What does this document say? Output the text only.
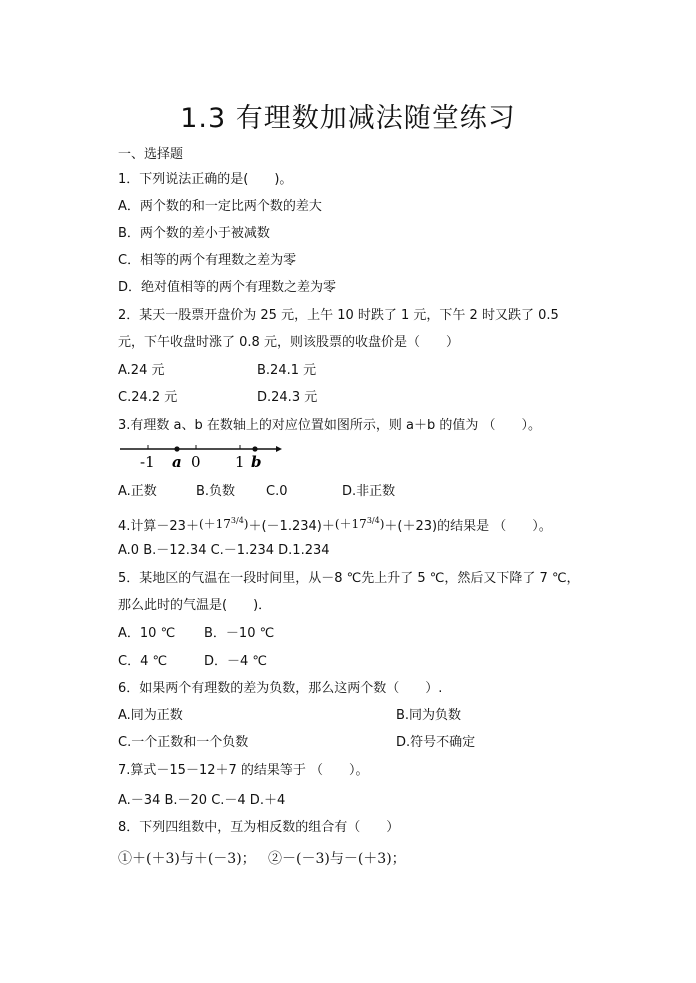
1.3 有理数加减法随堂练习
一、选择题
1．下列说法正确的是(　　)。
A．两个数的和一定比两个数的差大
B．两个数的差小于被减数
C．相等的两个有理数之差为零
D．绝对值相等的两个有理数之差为零
2．某天一股票开盘价为 25 元，上午 10 时跌了 1 元，下午 2 时又跌了 0.5
元，下午收盘时涨了 0.8 元，则该股票的收盘价是（　　）
A.24 元	B.24.1 元
C.24.2 元	D.24.3 元
3.有理数 a、b 在数轴上的对应位置如图所示，则 a＋b 的值为 （　　）。
-1 a 0 1 b
A.正数	B.负数 C.0	D.非正数
4.计算$-23+(+17^{3/4})+(-1.234)+(+17^{3/4})+(+23)$的结果是 （　　）。
A.0 B.－12.34 C.－1.234 D.1.234
5．某地区的气温在一段时间里，从－8 ℃先上升了 5 ℃，然后又下降了 7 ℃，
那么此时的气温是(　　)．
A．10 ℃ B．－10 ℃
C．4 ℃	D．－4 ℃
6．如果两个有理数的差为负数，那么这两个数（　　）.
A.同为正数	B.同为负数
C.一个正数和一个负数	D.符号不确定
7.算式－15－12＋7 的结果等于 （　　）。
A.－34 B.－20 C.－4 D.＋4
8．下列四组数中，互为相反数的组合有（　　）
①＋(＋3)与＋(－3)； ②－(－3)与－(＋3)；
